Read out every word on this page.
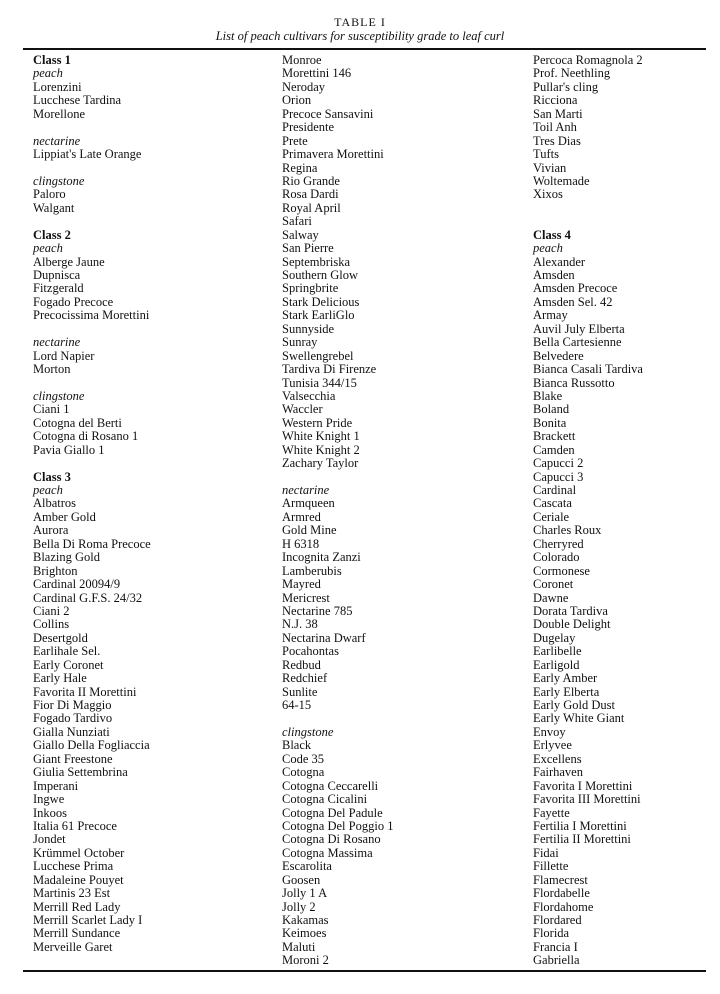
TABLE I
List of peach cultivars for susceptibility grade to leaf curl
Class 1
peach
Lorenzini
Lucchese Tardina
Morellone
nectarine
Lippiat's Late Orange
clingstone
Paloro
Walgant
Class 2
peach
Alberge Jaune
Dupnisca
Fitzgerald
Fogado Precoce
Precocissima Morettini
nectarine
Lord Napier
Morton
clingstone
Ciani 1
Cotogna del Berti
Cotogna di Rosano 1
Pavia Giallo 1
Class 3
peach
Albatros
Amber Gold
Aurora
Bella Di Roma Precoce
Blazing Gold
Brighton
Cardinal 20094/9
Cardinal G.F.S. 24/32
Ciani 2
Collins
Desertgold
Earlihale Sel.
Early Coronet
Early Hale
Favorita II Morettini
Fior Di Maggio
Fogado Tardivo
Gialla Nunziati
Giallo Della Fogliaccia
Giant Freestone
Giulia Settembrina
Imperani
Ingwe
Inkoos
Italia 61 Precoce
Jondet
Krümmel October
Lucchese Prima
Madaleine Pouyet
Martinis 23 Est
Merrill Red Lady
Merrill Scarlet Lady I
Merrill Sundance
Merveille Garet
Monroe
Morettini 146
Neroday
Orion
Precoce Sansavini
Presidente
Prete
Primavera Morettini
Regina
Rio Grande
Rosa Dardi
Royal April
Safari
Salway
San Pierre
Septembriska
Southern Glow
Springbrite
Stark Delicious
Stark EarliGlo
Sunnyside
Sunray
Swellengrebel
Tardiva Di Firenze
Tunisia 344/15
Valsecchia
Waccler
Western Pride
White Knight 1
White Knight 2
Zachary Taylor
nectarine
Armqueen
Armred
Gold Mine
H 6318
Incognita Zanzi
Lamberubis
Mayred
Mericrest
Nectarine 785
N.J. 38
Nectarina Dwarf
Pocahontas
Redbud
Redchief
Sunlite
64-15
clingstone
Black
Code 35
Cotogna
Cotogna Ceccarelli
Cotogna Cicalini
Cotogna Del Padule
Cotogna Del Poggio 1
Cotogna Di Rosano
Cotogna Massima
Escarolita
Goosen
Jolly 1 A
Jolly 2
Kakamas
Keimoes
Maluti
Moroni 2
Percoca Romagnola 2
Prof. Neethling
Pullar's cling
Ricciona
San Marti
Toil Anh
Tres Dias
Tufts
Vivian
Woltemade
Xixos
Class 4
peach
Alexander
Amsden
Amsden Precoce
Amsden Sel. 42
Armay
Auvil July Elberta
Bella Cartesienne
Belvedere
Bianca Casali Tardiva
Bianca Russotto
Blake
Boland
Bonita
Brackett
Camden
Capucci 2
Capucci 3
Cardinal
Cascata
Ceriale
Charles Roux
Cherryred
Colorado
Cormonese
Coronet
Dawne
Dorata Tardiva
Double Delight
Dugelay
Earlibelle
Earligold
Early Amber
Early Elberta
Early Gold Dust
Early White Giant
Envoy
Erlyvee
Excellens
Fairhaven
Favorita I Morettini
Favorita III Morettini
Fayette
Fertilia I Morettini
Fertilia II Morettini
Fidai
Fillette
Flamecrest
Flordabelle
Flordahome
Flordared
Florida
Francia I
Gabriella
